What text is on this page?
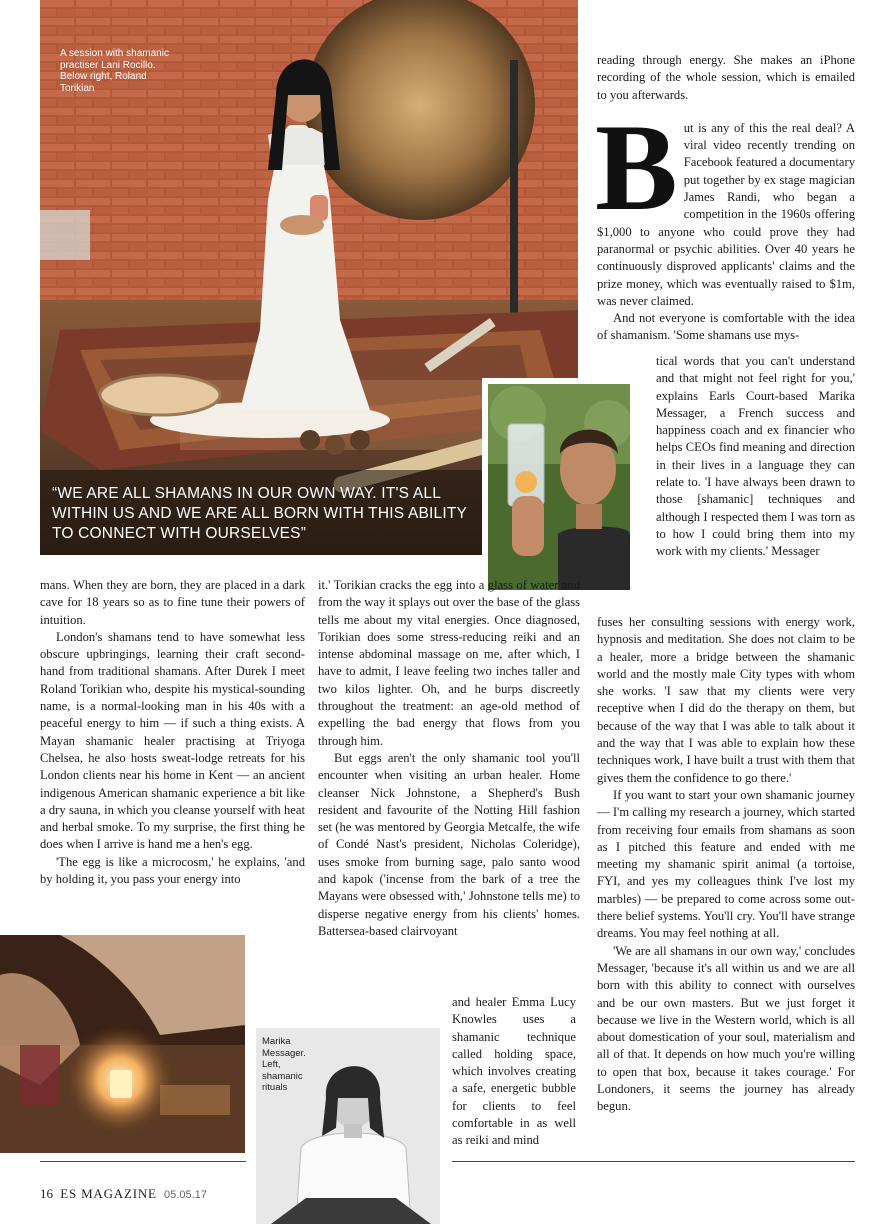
A session with shamanic practiser Lani Rocillo. Below right, Roland Torikian
“WE ARE ALL SHAMANS IN OUR OWN WAY. IT'S ALL WITHIN US AND WE ARE ALL BORN WITH THIS ABILITY TO CONNECT WITH OURSELVES”
Marika Messager. Left, shamanic rituals

mans. When they are born, they are placed in a dark cave for 18 years so as to fine tune their powers of intuition.

London's shamans tend to have somewhat less obscure upbringings, learning their craft second-hand from traditional shamans. After Durek I meet Roland Torikian who, despite his mystical-sounding name, is a normal-looking man in his 40s with a peaceful energy to him — if such a thing exists. A Mayan shamanic healer practising at Triyoga Chelsea, he also hosts sweat-lodge retreats for his London clients near his home in Kent — an ancient indigenous American shamanic experience a bit like a dry sauna, in which you cleanse yourself with heat and herbal smoke. To my surprise, the first thing he does when I arrive is hand me a hen's egg.

'The egg is like a microcosm,' he explains, 'and by holding it, you pass your energy into

it.' Torikian cracks the egg into a glass of water and from the way it splays out over the base of the glass tells me about my vital energies. Once diagnosed, Torikian does some stress-reducing reiki and an intense abdominal massage on me, after which, I have to admit, I leave feeling two inches taller and two kilos lighter. Oh, and he burps discreetly throughout the treatment: an age-old method of expelling the bad energy that flows from you through him.

But eggs aren't the only shamanic tool you'll encounter when visiting an urban healer. Home cleanser Nick Johnstone, a Shepherd's Bush resident and favourite of the Notting Hill fashion set (he was mentored by Georgia Metcalfe, the wife of Condé Nast's president, Nicholas Coleridge), uses smoke from burning sage, palo santo wood and kapok ('incense from the bark of a tree the Mayans were obsessed with,' Johnstone tells me) to disperse negative energy from his clients' homes. Battersea-based clairvoyant

and healer Emma Lucy Knowles uses a shamanic technique called holding space, which involves creating a safe, energetic bubble for clients to feel comfortable in as well as reiki and mind

reading through energy. She makes an iPhone recording of the whole session, which is emailed to you afterwards.

But is any of this the real deal? A viral video recently trending on Facebook featured a documentary put together by ex stage magician James Randi, who began a competition in the 1960s offering $1,000 to anyone who could prove they had paranormal or psychic abilities. Over 40 years he continuously disproved applicants' claims and the prize money, which was eventually raised to $1m, was never claimed.

And not everyone is comfortable with the idea of shamanism. 'Some shamans use mys-

tical words that you can't understand and that might not feel right for you,' explains Earls Court-based Marika Messager, a French success and happiness coach and ex financier who helps CEOs find meaning and direction in their lives in a language they can relate to. 'I have always been drawn to those [shamanic] techniques and although I respected them I was torn as to how I could bring them into my work with my clients.' Messager

fuses her consulting sessions with energy work, hypnosis and meditation. She does not claim to be a healer, more a bridge between the shamanic world and the mostly male City types with whom she works. 'I saw that my clients were very receptive when I did do the therapy on them, but because of the way that I was able to talk about it and the way that I was able to explain how these techniques work, I have built a trust with them that gives them the confidence to go there.'

If you want to start your own shamanic journey — I'm calling my research a journey, which started from receiving four emails from shamans as soon as I pitched this feature and ended with me meeting my shamanic spirit animal (a tortoise, FYI, and yes my colleagues think I've lost my marbles) — be prepared to come across some out-there belief systems. You'll cry. You'll have strange dreams. You may feel nothing at all.

'We are all shamans in our own way,' concludes Messager, 'because it's all within us and we are all born with this ability to connect with ourselves and be our own masters. But we just forget it because we live in the Western world, which is all about domestication of your soul, materialism and all of that. It depends on how much you're willing to open that box, because it takes courage.' For Londoners, it seems the journey has already begun.

16 ES MAGAZINE 05.05.17
